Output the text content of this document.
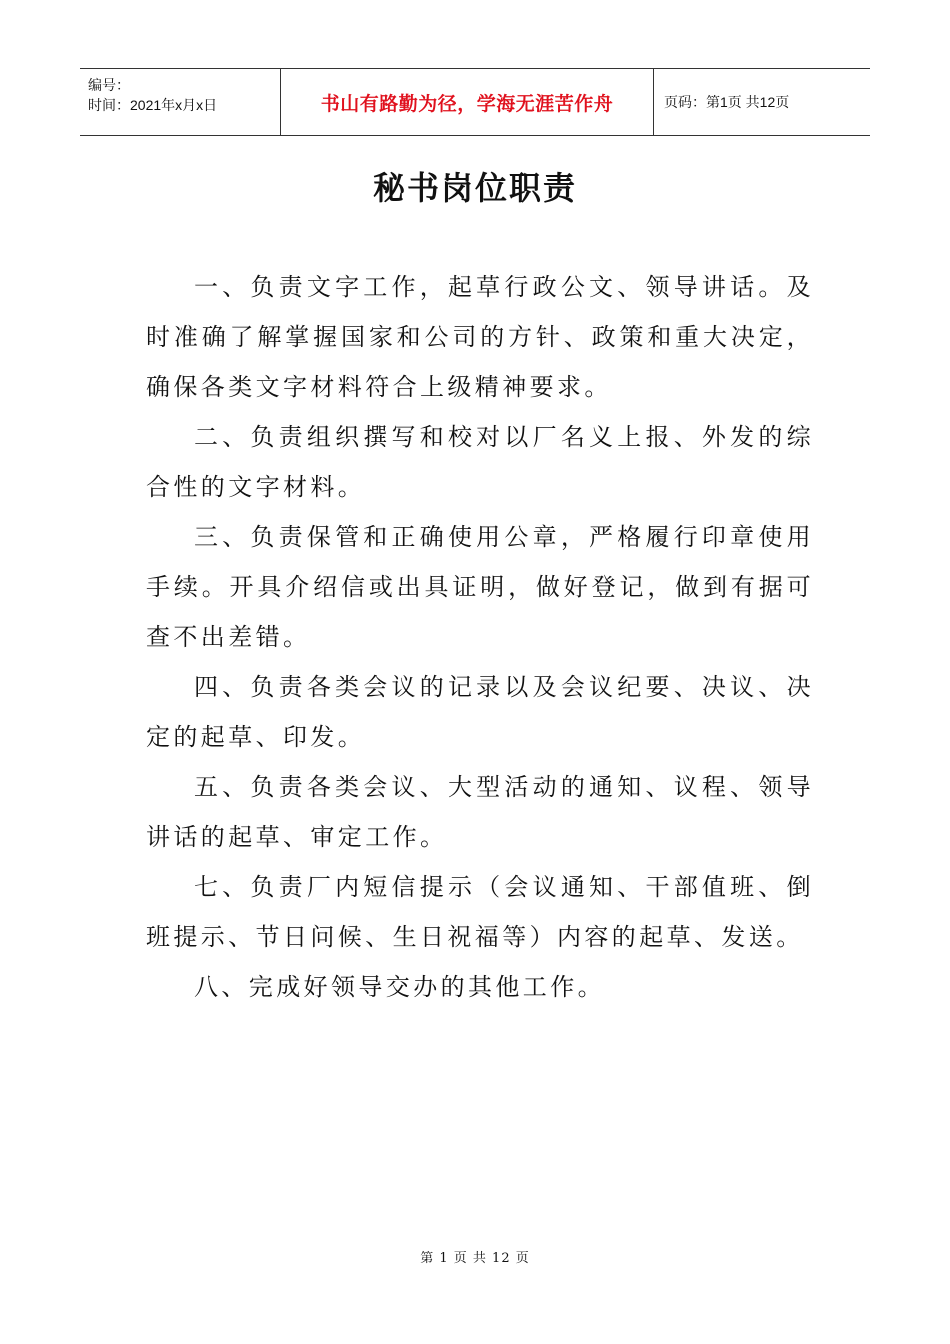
编号：
时间：2021年x月x日	书山有路勤为径，学海无涯苦作舟	页码：第1页 共12页
秘书岗位职责

一、负责文字工作，起草行政公文、领导讲话。及时准确了解掌握国家和公司的方针、政策和重大决定，确保各类文字材料符合上级精神要求。

二、负责组织撰写和校对以厂名义上报、外发的综合性的文字材料。

三、负责保管和正确使用公章，严格履行印章使用手续。开具介绍信或出具证明，做好登记，做到有据可查不出差错。

四、负责各类会议的记录以及会议纪要、决议、决定的起草、印发。

五、负责各类会议、大型活动的通知、议程、领导讲话的起草、审定工作。

七、负责厂内短信提示（会议通知、干部值班、倒班提示、节日问候、生日祝福等）内容的起草、发送。

八、完成好领导交办的其他工作。

第 1 页 共 12 页
